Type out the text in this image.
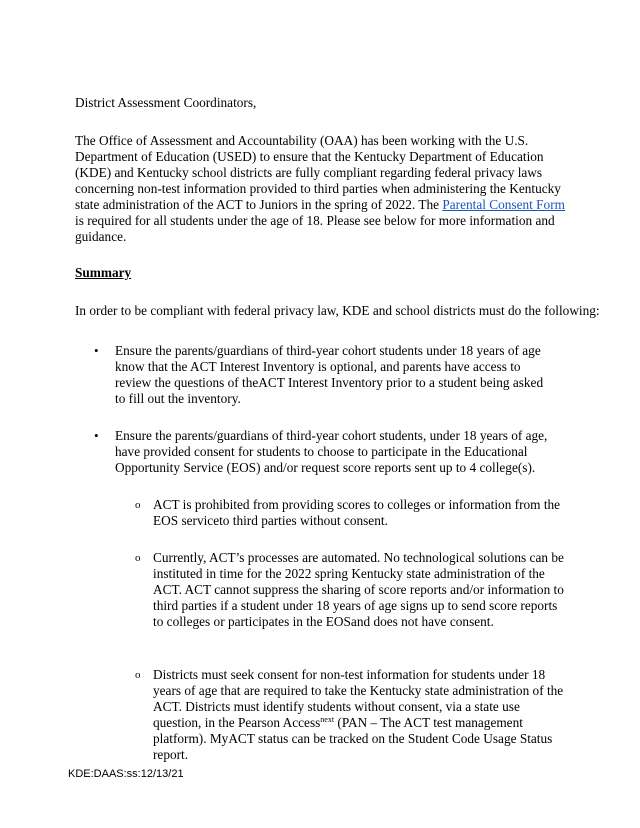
District Assessment Coordinators,

The Office of Assessment and Accountability (OAA) has been working with the U.S. Department of Education (USED) to ensure that the Kentucky Department of Education (KDE) and Kentucky school districts are fully compliant regarding federal privacy laws concerning non-test information provided to third parties when administering the Kentucky state administration of the ACT to Juniors in the spring of 2022. The Parental Consent Form is required for all students under the age of 18. Please see below for more information and guidance.

Summary

In order to be compliant with federal privacy law, KDE and school districts must do the following:

• Ensure the parents/guardians of third-year cohort students under 18 years of age know that the ACT Interest Inventory is optional, and parents have access to review the questions of theACT Interest Inventory prior to a student being asked to fill out the inventory.

• Ensure the parents/guardians of third-year cohort students, under 18 years of age, have provided consent for students to choose to participate in the Educational Opportunity Service (EOS) and/or request score reports sent up to 4 college(s).

o ACT is prohibited from providing scores to colleges or information from the EOS serviceto third parties without consent.

o Currently, ACT’s processes are automated. No technological solutions can be instituted in time for the 2022 spring Kentucky state administration of the ACT. ACT cannot suppress the sharing of score reports and/or information to third parties if a student under 18 years of age signs up to send score reports to colleges or participates in the EOSand does not have consent.

o Districts must seek consent for non-test information for students under 18 years of age that are required to take the Kentucky state administration of the ACT. Districts must identify students without consent, via a state use question, in the Pearson Access$^{next}$ (PAN – The ACT test management platform). MyACT status can be tracked on the Student Code Usage Status report.

KDE:DAAS:ss:12/13/21
